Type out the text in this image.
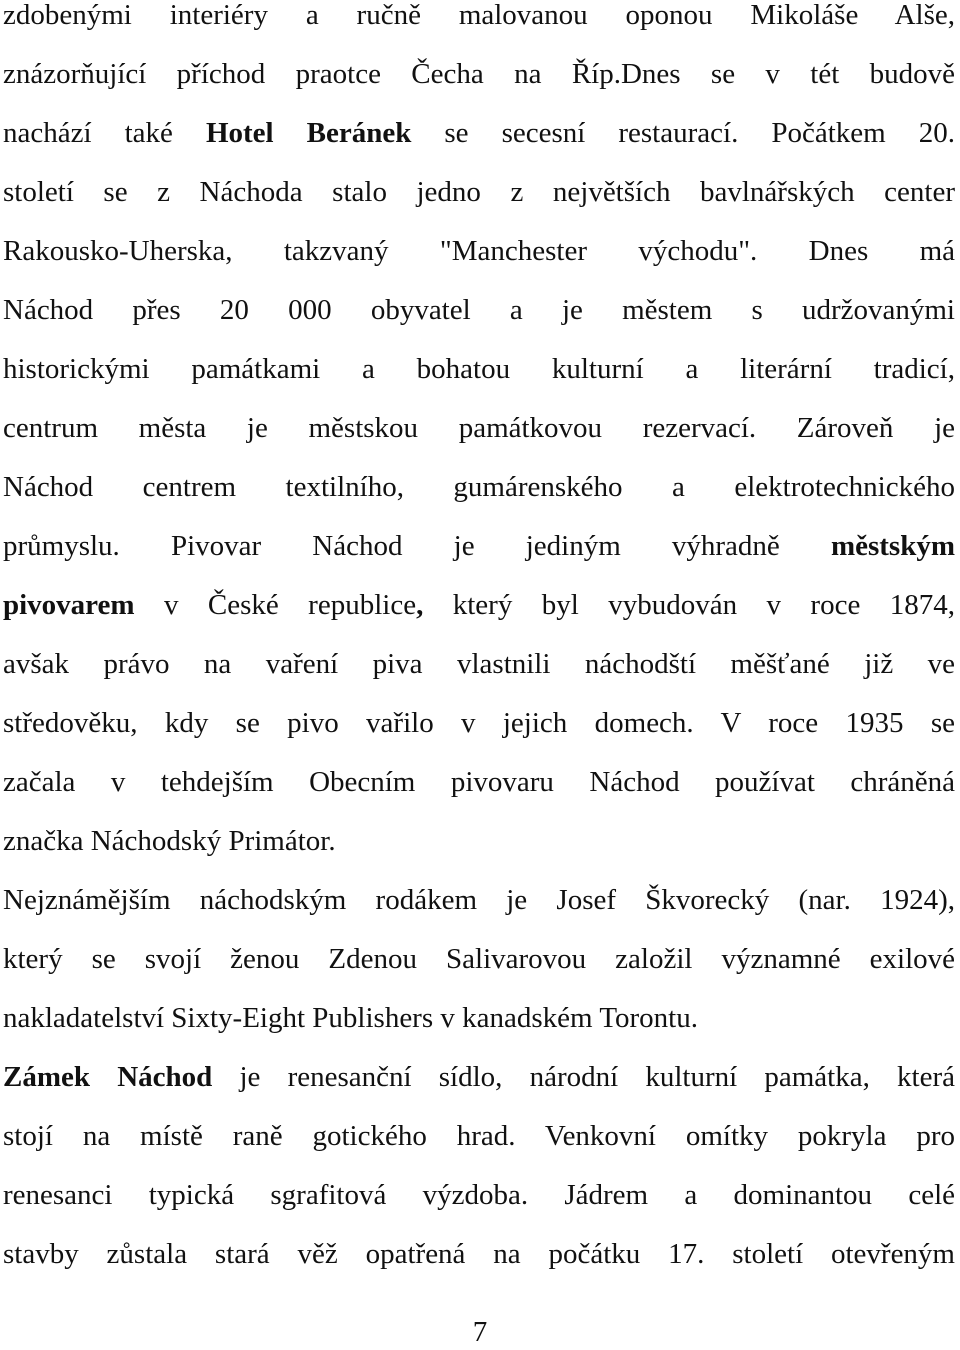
zdobenými interiéry a ručně malovanou oponou Mikoláše Alše,
znázorňující příchod praotce Čecha na Říp.Dnes se v tét budově
nachází také Hotel Beránek se secesní restaurací. Počátkem 20.
století se z Náchoda stalo jedno z největších bavlnářských center
Rakousko-Uherska, takzvaný "Manchester východu". Dnes má
Náchod přes 20 000 obyvatel a je městem s udržovanými
historickými památkami a bohatou kulturní a literární tradicí,
centrum města je městskou památkovou rezervací. Zároveň je
Náchod centrem textilního, gumárenského a elektrotechnického
průmyslu. Pivovar Náchod je jediným výhradně městským
pivovarem v České republice, který byl vybudován v roce 1874,
avšak právo na vaření piva vlastnili náchodští měšťané již ve
středověku, kdy se pivo vařilo v jejich domech. V roce 1935 se
začala v tehdejším Obecním pivovaru Náchod používat chráněná
značka Náchodský Primátor.
Nejznámějším náchodským rodákem je Josef Škvorecký (nar. 1924),
který se svojí ženou Zdenou Salivarovou založil významné exilové
nakladatelství Sixty-Eight Publishers v kanadském Torontu.
Zámek Náchod je renesanční sídlo, národní kulturní památka, která
stojí na místě raně gotického hrad. Venkovní omítky pokryla pro
renesanci typická sgrafitová výzdoba. Jádrem a dominantou celé
stavby zůstala stará věž opatřená na počátku 17. století otevřeným
7
